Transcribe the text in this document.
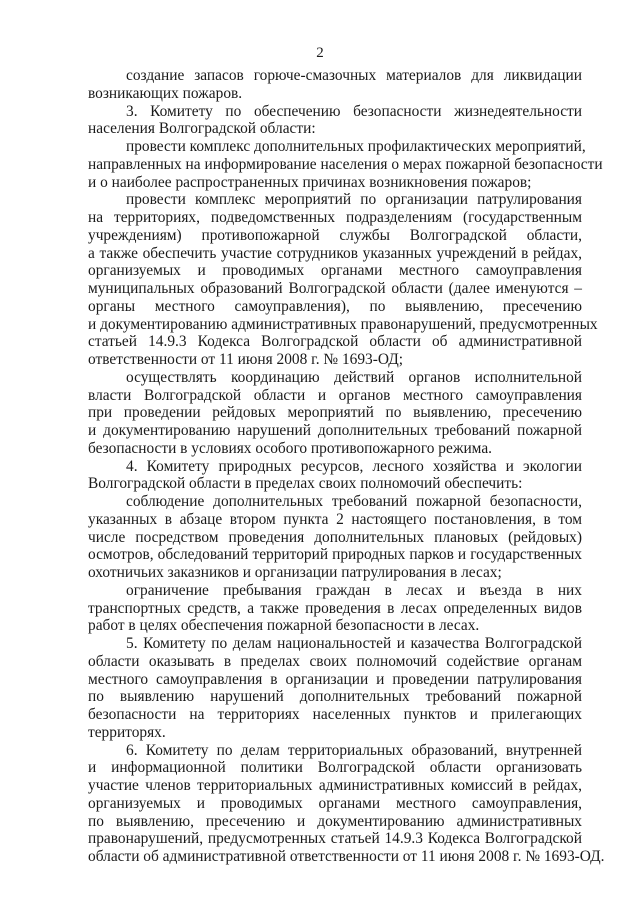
2
создание запасов горюче-смазочных материалов для ликвидации
возникающих пожаров.
3. Комитету по обеспечению безопасности жизнедеятельности
населения Волгоградской области:
провести комплекс дополнительных профилактических мероприятий,
направленных на информирование населения о мерах пожарной безопасности
и о наиболее распространенных причинах возникновения пожаров;
провести комплекс мероприятий по организации патрулирования
на территориях, подведомственных подразделениям (государственным
учреждениям) противопожарной службы Волгоградской области,
а также обеспечить участие сотрудников указанных учреждений в рейдах,
организуемых и проводимых органами местного самоуправления
муниципальных образований Волгоградской области (далее именуются –
органы местного самоуправления), по выявлению, пресечению
и документированию административных правонарушений, предусмотренных
статьей 14.9.3 Кодекса Волгоградской области об административной
ответственности от 11 июня 2008 г. № 1693-ОД;
осуществлять координацию действий органов исполнительной
власти Волгоградской области и органов местного самоуправления
при проведении рейдовых мероприятий по выявлению, пресечению
и документированию нарушений дополнительных требований пожарной
безопасности в условиях особого противопожарного режима.
4. Комитету природных ресурсов, лесного хозяйства и экологии
Волгоградской области в пределах своих полномочий обеспечить:
соблюдение дополнительных требований пожарной безопасности,
указанных в абзаце втором пункта 2 настоящего постановления, в том
числе посредством проведения дополнительных плановых (рейдовых)
осмотров, обследований территорий природных парков и государственных
охотничьих заказников и организации патрулирования в лесах;
ограничение пребывания граждан в лесах и въезда в них
транспортных средств, а также проведения в лесах определенных видов
работ в целях обеспечения пожарной безопасности в лесах.
5. Комитету по делам национальностей и казачества Волгоградской
области оказывать в пределах своих полномочий содействие органам
местного самоуправления в организации и проведении патрулирования
по выявлению нарушений дополнительных требований пожарной
безопасности на территориях населенных пунктов и прилегающих
территорях.
6. Комитету по делам территориальных образований, внутренней
и информационной политики Волгоградской области организовать
участие членов территориальных административных комиссий в рейдах,
организуемых и проводимых органами местного самоуправления,
по выявлению, пресечению и документированию административных
правонарушений, предусмотренных статьей 14.9.3 Кодекса Волгоградской
области об административной ответственности от 11 июня 2008 г. № 1693-ОД.
